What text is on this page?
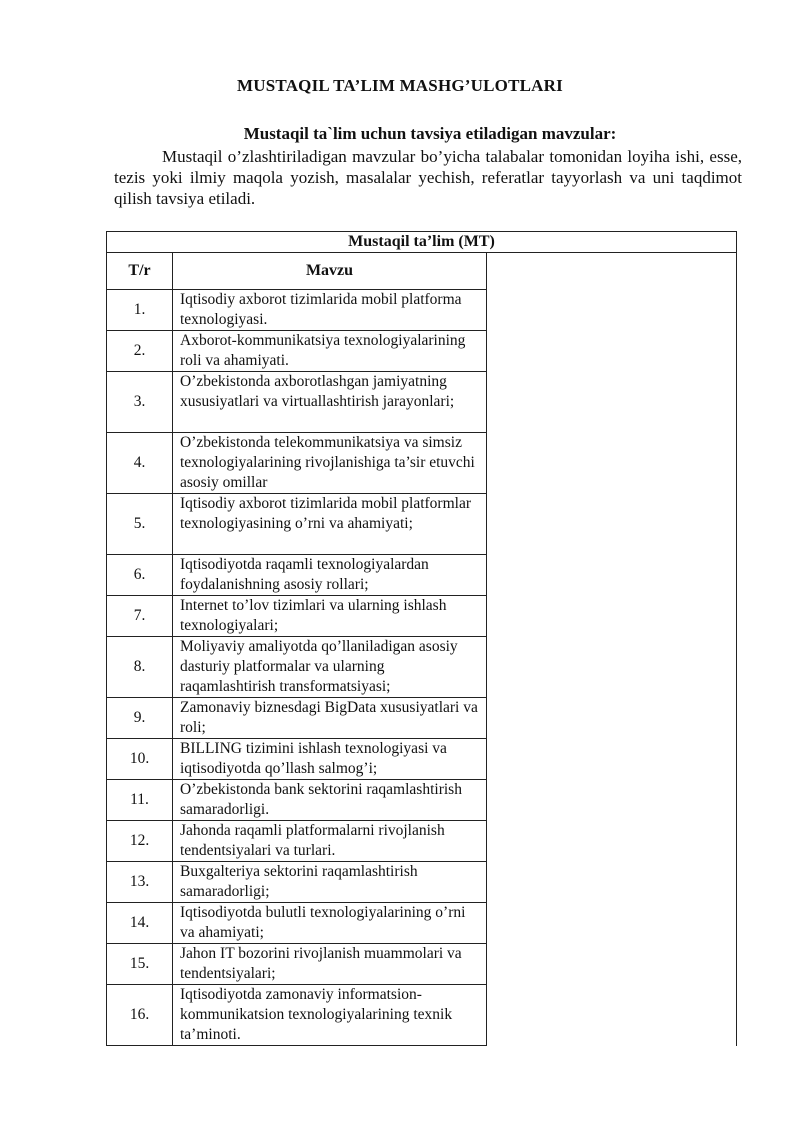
MUSTAQIL TA’LIM MASHG’ULOTLARI
Mustaqil ta`lim uchun tavsiya etiladigan mavzular:
Mustaqil o’zlashtiriladigan mavzular bo’yicha talabalar tomonidan loyiha ishi, esse, tezis yoki ilmiy maqola yozish, masalalar yechish, referatlar tayyorlash va uni taqdimot qilish tavsiya etiladi.
Mustaqil ta’lim (MT)		
T/r	Mavzu	
1.	Iqtisodiy axborot tizimlarida mobil platforma texnologiyasi.	
2.	Axborot-kommunikatsiya texnologiyalarining roli va ahamiyati.	
3.	O’zbekistonda axborotlashgan jamiyatning xususiyatlari va virtuallashtirish jarayonlari;	
4.	O’zbekistonda telekommunikatsiya va simsiz texnologiyalarining rivojlanishiga ta’sir etuvchi asosiy omillar	
5.	Iqtisodiy axborot tizimlarida mobil platformlar texnologiyasining o’rni va ahamiyati;	
6.	Iqtisodiyotda raqamli texnologiyalardan foydalanishning asosiy rollari;	
7.	Internet to’lov tizimlari va ularning ishlash texnologiyalari;	
8.	Moliyaviy amaliyotda qo’llaniladigan asosiy dasturiy platformalar va ularning raqamlashtirish transformatsiyasi;	
9.	Zamonaviy biznesdagi BigData xususiyatlari va roli;	
10.	BILLING tizimini ishlash texnologiyasi va iqtisodiyotda qo’llash salmog’i;	
11.	O’zbekistonda bank sektorini raqamlashtirish samaradorligi.	
12.	Jahonda raqamli platformalarni rivojlanish tendentsiyalari va turlari.	
13.	Buxgalteriya sektorini raqamlashtirish samaradorligi;	
14.	Iqtisodiyotda bulutli texnologiyalarining o’rni va ahamiyati;	
15.	Jahon IT bozorini rivojlanish muammolari va tendentsiyalari;	
16.	Iqtisodiyotda zamonaviy informatsion-kommunikatsion texnologiyalarining texnik ta’minoti.	
